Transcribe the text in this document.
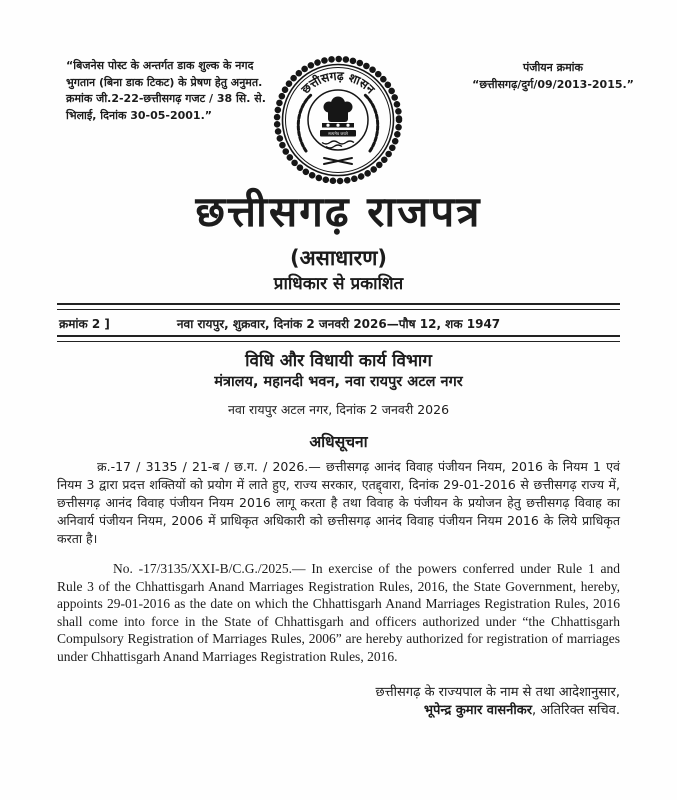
“बिजनेस पोस्ट के अन्तर्गत डाक शुल्क के नगद भुगतान (बिना डाक टिकट) के प्रेषण हेतु अनुमत. क्रमांक जी.2-22-छत्तीसगढ़ गजट / 38 सि. से. भिलाई, दिनांक 30-05-2001.”
पंजीयन क्रमांक
“छत्तीसगढ़/दुर्ग/09/2013-2015.”
छत्तीसगढ़ शासन
सत्यमेव जयते
छत्तीसगढ़ राजपत्र
(असाधारण)
प्राधिकार से प्रकाशित
क्रमांक 2 ]	नवा रायपुर, शुक्रवार, दिनांक 2 जनवरी 2026—पौष 12, शक 1947
विधि और विधायी कार्य विभाग
मंत्रालय, महानदी भवन, नवा रायपुर अटल नगर
नवा रायपुर अटल नगर, दिनांक 2 जनवरी 2026
अधिसूचना
क्र.-17 / 3135 / 21-ब / छ.ग. / 2026.— छत्तीसगढ़ आनंद विवाह पंजीयन नियम, 2016 के नियम 1 एवं नियम 3 द्वारा प्रदत्त शक्तियों को प्रयोग में लाते हुए, राज्य सरकार, एतद्द्वारा, दिनांक 29-01-2016 से छत्तीसगढ़ राज्य में, छत्तीसगढ़ आनंद विवाह पंजीयन नियम 2016 लागू करता है तथा विवाह के पंजीयन के प्रयोजन हेतु छत्तीसगढ़ विवाह का अनिवार्य पंजीयन नियम, 2006 में प्राधिकृत अधिकारी को छत्तीसगढ़ आनंद विवाह पंजीयन नियम 2016 के लिये प्राधिकृत करता है।
No. -17/3135/XXI-B/C.G./2025.— In exercise of the powers conferred under Rule 1 and Rule 3 of the Chhattisgarh Anand Marriages Registration Rules, 2016, the State Government, hereby, appoints 29-01-2016 as the date on which the Chhattisgarh Anand Marriages Registration Rules, 2016 shall come into force in the State of Chhattisgarh and officers authorized under “the Chhattisgarh Compulsory Registration of Marriages Rules, 2006” are hereby authorized for registration of marriages under Chhattisgarh Anand Marriages Registration Rules, 2016.
छत्तीसगढ़ के राज्यपाल के नाम से तथा आदेशानुसार,
भूपेन्द्र कुमार वासनीकर, अतिरिक्त सचिव.
